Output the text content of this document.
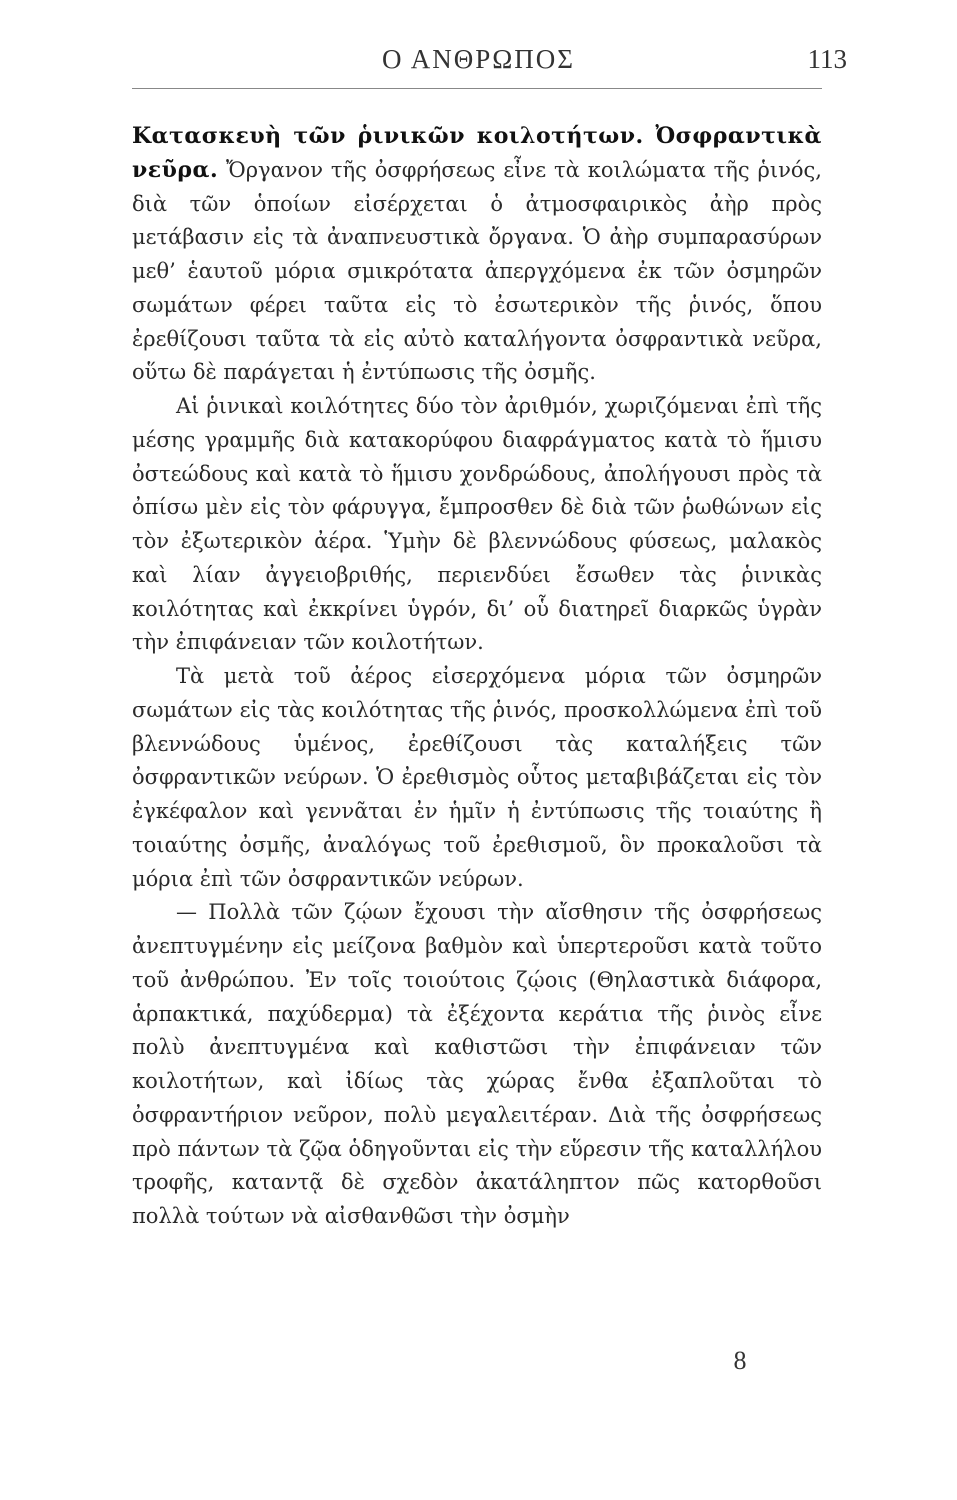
Ο ΑΝΘΡΩΠΟΣ	113

Κατασκευὴ τῶν ῥινικῶν κοιλοτήτων. Ὀσφραντικὰ νεῦρα. Ὄργανον τῆς ὀσφρήσεως εἶνε τὰ κοιλώματα τῆς ῥινός, διὰ τῶν ὁποίων εἰσέρχεται ὁ ἀτμοσφαιρικὸς ἀὴρ πρὸς μετάβασιν εἰς τὰ ἀναπνευστικὰ ὄργανα. Ὁ ἀὴρ συμπαρασύρων μεθ’ ἑαυτοῦ μόρια σμικρότατα ἀπεργχόμενα ἐκ τῶν ὀσμηρῶν σωμάτων φέρει ταῦτα εἰς τὸ ἐσωτερικὸν τῆς ῥινός, ὅπου ἐρεθίζουσι ταῦτα τὰ εἰς αὐτὸ καταλήγοντα ὀσφραντικὰ νεῦρα, οὕτω δὲ παράγεται ἡ ἐντύπωσις τῆς ὀσμῆς.

Αἱ ῥινικαὶ κοιλότητες δύο τὸν ἀριθμόν, χωριζόμεναι ἐπὶ τῆς μέσης γραμμῆς διὰ κατακορύφου διαφράγματος κατὰ τὸ ἥμισυ ὀστεώδους καὶ κατὰ τὸ ἥμισυ χονδρώδους, ἀπολήγουσι πρὸς τὰ ὀπίσω μὲν εἰς τὸν φάρυγγα, ἔμπροσθεν δὲ διὰ τῶν ῥωθώνων εἰς τὸν ἐξωτερικὸν ἀέρα. Ὑμὴν δὲ βλεννώδους φύσεως, μαλακὸς καὶ λίαν ἀγγειοβριθής, περιενδύει ἔσωθεν τὰς ῥινικὰς κοιλότητας καὶ ἐκκρίνει ὑγρόν, δι’ οὗ διατηρεῖ διαρκῶς ὑγρὰν τὴν ἐπιφάνειαν τῶν κοιλοτήτων.

Τὰ μετὰ τοῦ ἀέρος εἰσερχόμενα μόρια τῶν ὀσμηρῶν σωμάτων εἰς τὰς κοιλότητας τῆς ῥινός, προσκολλώμενα ἐπὶ τοῦ βλεννώδους ὑμένος, ἐρεθίζουσι τὰς καταλήξεις τῶν ὀσφραντικῶν νεύρων. Ὁ ἐρεθισμὸς οὗτος μεταβιβάζεται εἰς τὸν ἐγκέφαλον καὶ γεννᾶται ἐν ἡμῖν ἡ ἐντύπωσις τῆς τοιαύτης ἢ τοιαύτης ὀσμῆς, ἀναλόγως τοῦ ἐρεθισμοῦ, ὃν προκαλοῦσι τὰ μόρια ἐπὶ τῶν ὀσφραντικῶν νεύρων.

— Πολλὰ τῶν ζῴων ἔχουσι τὴν αἴσθησιν τῆς ὀσφρήσεως ἀνεπτυγμένην εἰς μείζονα βαθμὸν καὶ ὑπερτεροῦσι κατὰ τοῦτο τοῦ ἀνθρώπου. Ἐν τοῖς τοιούτοις ζῴοις (Θηλαστικὰ διάφορα, ἁρπακτικά, παχύδερμα) τὰ ἐξέχοντα κεράτια τῆς ῥινὸς εἶνε πολὺ ἀνεπτυγμένα καὶ καθιστῶσι τὴν ἐπιφάνειαν τῶν κοιλοτήτων, καὶ ἰδίως τὰς χώρας ἔνθα ἐξαπλοῦται τὸ ὀσφραντήριον νεῦρον, πολὺ μεγαλειτέραν. Διὰ τῆς ὀσφρήσεως πρὸ πάντων τὰ ζῷα ὁδηγοῦνται εἰς τὴν εὕρεσιν τῆς καταλλήλου τροφῆς, καταντᾷ δὲ σχεδὸν ἀκατάληπτον πῶς κατορθοῦσι πολλὰ τούτων νὰ αἰσθανθῶσι τὴν ὀσμὴν

8
